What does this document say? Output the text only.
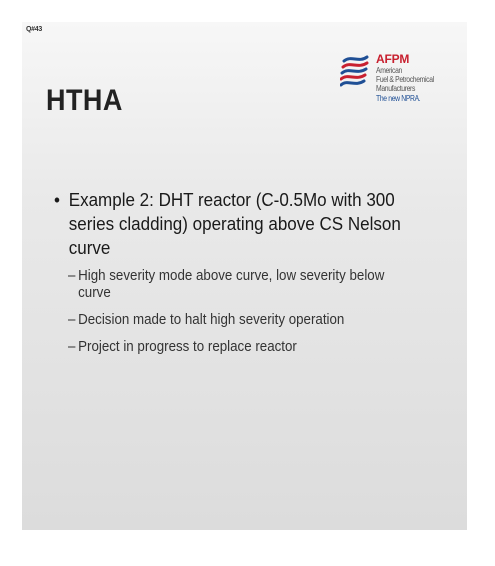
Q#43
HTHA
AFPM
American
Fuel & Petrochemical
Manufacturers
The new NPRA.
• Example 2: DHT reactor (C-0.5Mo with 300 series cladding) operating above CS Nelson curve
– High severity mode above curve, low severity below curve
– Decision made to halt high severity operation
– Project in progress to replace reactor
